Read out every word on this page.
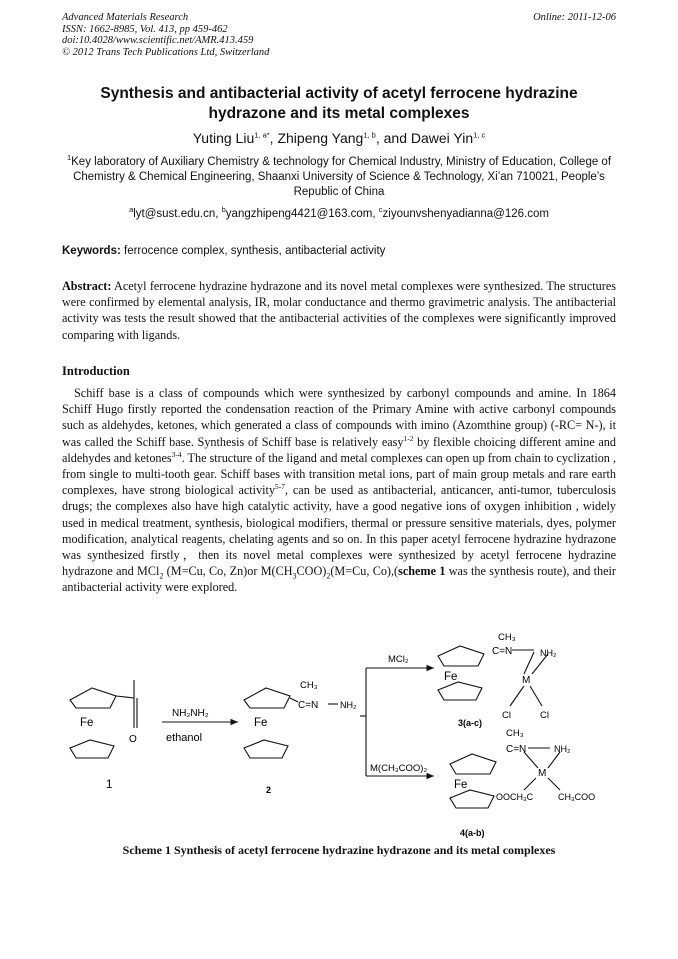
Advanced Materials Research
ISSN: 1662-8985, Vol. 413, pp 459-462
doi:10.4028/www.scientific.net/AMR.413.459
© 2012 Trans Tech Publications Ltd, Switzerland
Online: 2011-12-06
Synthesis and antibacterial activity of acetyl ferrocene hydrazine hydrazone and its metal complexes
Yuting Liu$^{1, a*}$, Zhipeng Yang$^{1, b}$, and Dawei Yin$^{1, c}$
$^1$Key laboratory of Auxiliary Chemistry & technology for Chemical Industry, Ministry of Education, College of Chemistry & Chemical Engineering, Shaanxi University of Science & Technology, Xi’an 710021, People’s Republic of China
$^a$lyt@sust.edu.cn, $^b$yangzhipeng4421@163.com, $^c$ziyounvshenyadianna@126.com
Keywords: ferrocence complex, synthesis, antibacterial activity
Abstract: Acetyl ferrocene hydrazine hydrazone and its novel metal complexes were synthesized. The structures were confirmed by elemental analysis, IR, molar conductance and thermo gravimetric analysis. The antibacterial activity was tests the result showed that the antibacterial activities of the complexes were significantly improved comparing with ligands.
Introduction
Schiff base is a class of compounds which were synthesized by carbonyl compounds and amine. In 1864 Schiff Hugo firstly reported the condensation reaction of the Primary Amine with active carbonyl compounds such as aldehydes, ketones, which generated a class of compounds with imino (Azomthine group) (-RC= N-), it was called the Schiff base. Synthesis of Schiff base is relatively easy$^{1-2}$ by flexible choicing different amine and aldehydes and ketones$^{3-4}$. The structure of the ligand and metal complexes can open up from chain to cyclization , from single to multi-tooth gear. Schiff bases with transition metal ions, part of main group metals and rare earth complexes, have strong biological activity$^{5-7}$, can be used as antibacterial, anticancer, anti-tumor, tuberculosis drugs; the complexes also have high catalytic activity, have a good negative ions of oxygen inhibition , widely used in medical treatment, synthesis, biological modifiers, thermal or pressure sensitive materials, dyes, polymer modification, analytical reagents, chelating agents and so on. In this paper acetyl ferrocene hydrazine hydrazone was synthesized firstly，then its novel metal complexes were synthesized by acetyl ferrocene hydrazine hydrazone and MCl$_2$ (M=Cu, Co, Zn)or $M(CH_3COO)_2(M=Cu$, Co),(scheme 1 was the synthesis route), and their antibacterial activity were explored.
Fe
O
NH₂NH₂
ethanol
1
Fe
CH₃
C=N NH₂
2
MCl₂
CH₃
C=N	NH₂
Fe	M
Cl	Cl
3(a-c)
M(CH₃COO)₂
CH₃
C=N	NH₂
Fe
M
OOCH₃C	CH₃COO
4(a-b)
Scheme 1 Synthesis of acetyl ferrocene hydrazine hydrazone and its metal complexes
